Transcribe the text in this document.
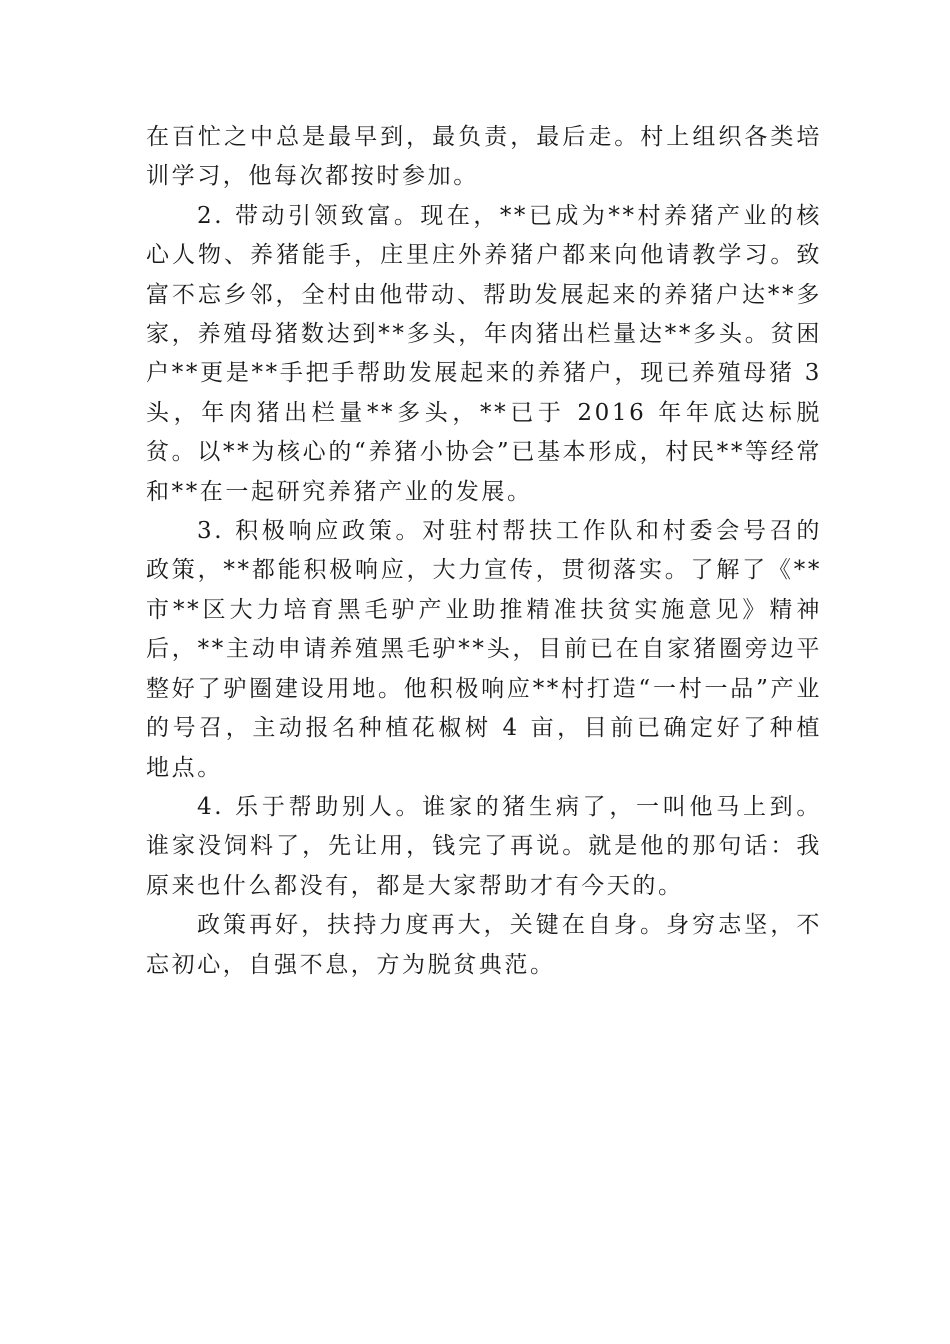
在百忙之中总是最早到，最负责，最后走。村上组织各类培训学习，他每次都按时参加。

2. 带动引领致富。现在，**已成为**村养猪产业的核心人物、养猪能手，庄里庄外养猪户都来向他请教学习。致富不忘乡邻，全村由他带动、帮助发展起来的养猪户达**多家，养殖母猪数达到**多头，年肉猪出栏量达**多头。贫困户**更是**手把手帮助发展起来的养猪户，现已养殖母猪 3 头，年肉猪出栏量**多头，**已于 2016 年年底达标脱贫。以**为核心的“养猪小协会”已基本形成，村民**等经常和**在一起研究养猪产业的发展。

3. 积极响应政策。对驻村帮扶工作队和村委会号召的政策，**都能积极响应，大力宣传，贯彻落实。了解了《**市**区大力培育黑毛驴产业助推精准扶贫实施意见》精神后，**主动申请养殖黑毛驴**头，目前已在自家猪圈旁边平整好了驴圈建设用地。他积极响应**村打造“一村一品”产业的号召，主动报名种植花椒树 4 亩，目前已确定好了种植地点。

4. 乐于帮助别人。谁家的猪生病了，一叫他马上到。谁家没饲料了，先让用，钱完了再说。就是他的那句话：我原来也什么都没有，都是大家帮助才有今天的。

政策再好，扶持力度再大，关键在自身。身穷志坚，不忘初心，自强不息，方为脱贫典范。
